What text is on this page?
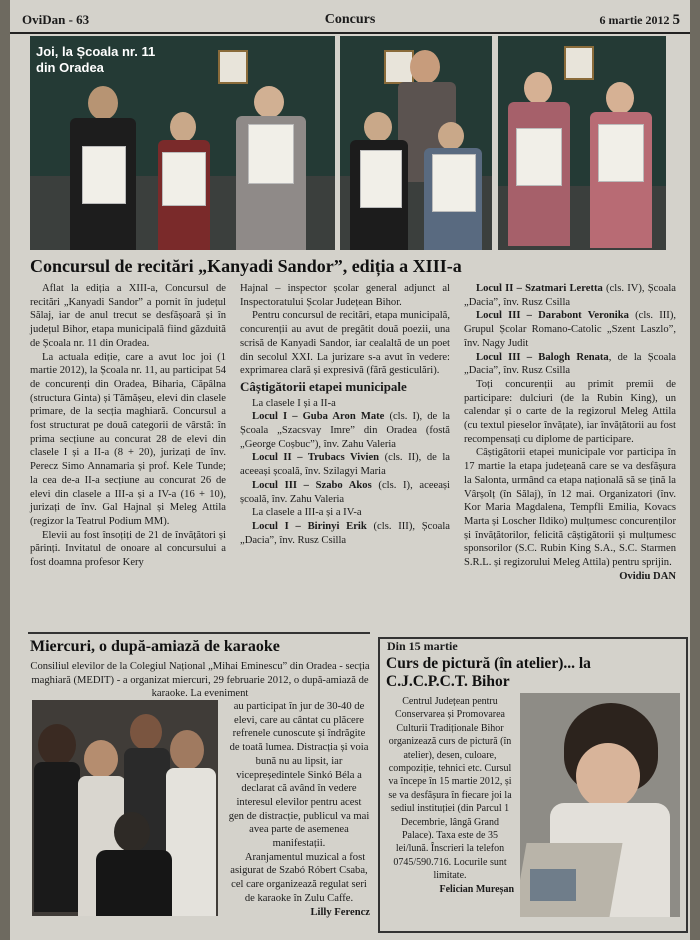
OviDan - 63	Concurs	6 martie 2012 5
Joi, la Școala nr. 11
din Oradea
Concursul de recitări „Kanyadi Sandor”, ediția a XIII-a

Aflat la ediția a XIII-a, Concursul de recitări „Kanyadi Sandor” a pornit în județul Sălaj, iar de anul trecut se desfășoară și în județul Bihor, etapa municipală fiind găzduită de Școala nr. 11 din Oradea.

La actuala ediție, care a avut loc joi (1 martie 2012), la Școala nr. 11, au participat 54 de concurenți din Oradea, Biharia, Căpâlna (structura Ginta) și Tămășeu, elevi din clasele primare, de la secția maghiară. Concursul a fost structurat pe două categorii de vârstă: în prima secțiune au concurat 28 de elevi din clasele I și a II-a (8 + 20), jurizați de înv. Perecz Simo Annamaria și prof. Kele Tunde; la cea de-a II-a secțiune au concurat 26 de elevi din clasele a III-a și a IV-a (16 + 10), jurizați de înv. Gal Hajnal și Meleg Attila (regizor la Teatrul Podium MM).

Elevii au fost însoțiți de 21 de învățători și părinți. Invitatul de onoare al concursului a fost doamna profesor Kery

Hajnal – inspector școlar general adjunct al Inspectoratului Școlar Județean Bihor.

Pentru concursul de recitări, etapa municipală, concurenții au avut de pregătit două poezii, una scrisă de Kanyadi Sandor, iar cealaltă de un poet din secolul XXI. La jurizare s-a avut în vedere: exprimarea clară și expresivă (fără gesticulări).

Câștigătorii etapei municipale

La clasele I și a II-a

Locul I – Guba Aron Mate (cls. I), de la Școala „Szacsvay Imre” din Oradea (fostă „George Coșbuc”), înv. Zahu Valeria

Locul II – Trubacs Vivien (cls. II), de la aceeași școală, înv. Szilagyi Maria

Locul III – Szabo Akos (cls. I), aceeași școală, înv. Zahu Valeria

La clasele a III-a și a IV-a

Locul I – Birinyi Erik (cls. III), Școala „Dacia”, înv. Rusz Csilla

Locul II – Szatmari Leretta (cls. IV), Școala „Dacia”, înv. Rusz Csilla

Locul III – Darabont Veronika (cls. III), Grupul Școlar Romano-Catolic „Szent Laszlo”, înv. Nagy Judit

Locul III – Balogh Renata, de la Școala „Dacia”, înv. Rusz Csilla

Toți concurenții au primit premii de participare: dulciuri (de la Rubin King), un calendar și o carte de la regizorul Meleg Attila (cu textul pieselor învățate), iar învățătorii au fost recompensați cu diplome de participare.

Câștigătorii etapei municipale vor participa în 17 martie la etapa județeană care se va desfășura la Salonta, urmând ca etapa națională să se țină la Vârșolț (în Sălaj), în 12 mai. Organizatori (înv. Kor Maria Magdalena, Tempfli Emilia, Kovacs Marta și Loscher Ildiko) mulțumesc concurenților și învățătorilor, felicită câștigătorii și mulțumesc sponsorilor (S.C. Rubin King S.A., S.C. Starmen S.R.L. și regizorului Meleg Attila) pentru sprijin.

Ovidiu DAN

Miercuri, o după-amiază de karaoke

Consiliul elevilor de la Colegiul Național „Mihai Eminescu” din Oradea - secția maghiară (MEDIT) - a organizat miercuri, 29 februarie 2012, o după-amiază de karaoke. La eveniment

au participat în jur de 30-40 de elevi, care au cântat cu plăcere refrenele cunoscute și îndrăgite de toată lumea. Distracția și voia bună nu au lipsit, iar vicepreședintele Sinkó Béla a declarat că având în vedere interesul elevilor pentru acest gen de distracție, publicul va mai avea parte de asemenea manifestații.

Aranjamentul muzical a fost asigurat de Szabó Róbert Csaba, cel care organizează regulat seri de karaoke în Zulu Caffe.

Lilly Ferencz

Din 15 martie
Curs de pictură (în atelier)... la
C.J.C.P.C.T. Bihor

Centrul Județean pentru Conservarea și Promovarea Culturii Tradiționale Bihor organizează curs de pictură (în atelier), desen, culoare, compoziție, tehnici etc. Cursul va începe în 15 martie 2012, și se va desfășura în fiecare joi la sediul instituției (din Parcul 1 Decembrie, lângă Grand Palace). Taxa este de 35 lei/lună. Înscrieri la telefon 0745/590.716. Locurile sunt limitate.

Felician Mureșan
